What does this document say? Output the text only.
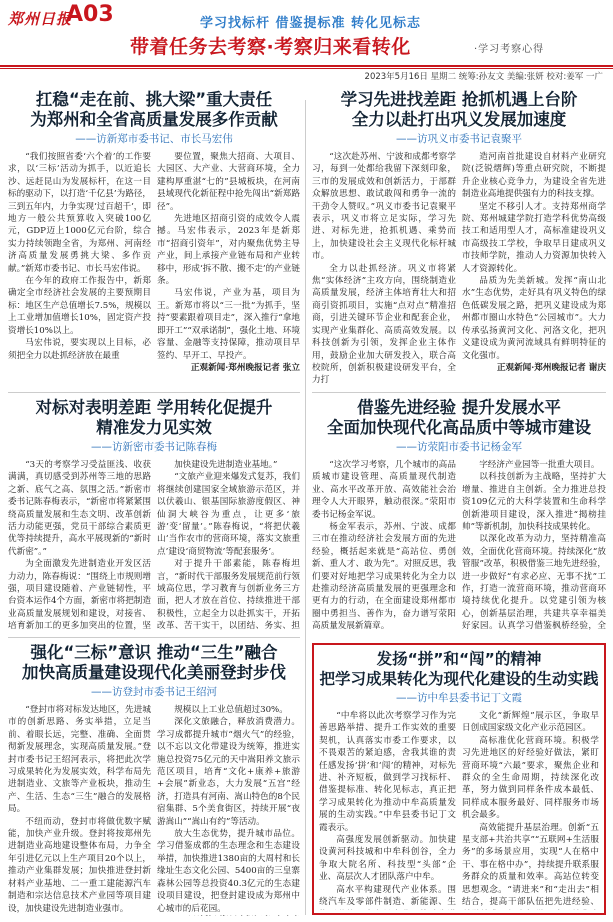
郑州日报
A03	学习找标杆 借鉴提标准 转化见标志
带着任务去考察·考察归来看转化	·学习考察心得
2023年5月16日 星期二 统筹:孙友文 美编:张妍 校对:姜军 一广
扛稳“走在前、挑大梁”重大责任
为郑州和全省高质量发展多作贡献
——访新郑市委书记、市长马宏伟

“我们按照省委‘六个着’的工作要求，以‘三标’活动为抓手，以近追长沙、远赶昆山为发展标杆，在这一目标的驱动下，以打造‘千亿县’为路径，三到五年内，力争实现‘过百超千’，即地方一般公共预算收入突破100亿元，GDP迈上1000亿元台阶，综合实力持续领跑全省，为郑州、河南经济高质量发展勇挑大梁、多作贡献。”新郑市委书记、市长马宏伟说。

在今年的政府工作报告中，新郑确定全市经济社会发展的主要预期目标：地区生产总值增长7.5%，规模以上工业增加值增长10%，固定资产投资增长10%以上。

马宏伟说，要实现以上目标，必须把全力以赴抓经济放在最重

要位置，聚焦大招商、大项目、大园区、大产业、大营商环境，全力建构厚重湛“七的”县城板块，在河南县域现代化新征程中抢先闯出“新郑路径”。

先进地区招商引资的成效令人震撼。马宏伟表示，2023年是新郑市“招商引资年”，对内聚焦优势主导产业，间上承接产业链布局和产业转移中，形成‘拆不散、搬不走’的产业链条。

马宏伟说，产业为基，项目为王。新郑市将以“三一批”为抓手，坚持“要素跟着项目走”，深入推行“拿地即开工”“双承诺制”，强化土地、环境容量、金融等支持保障，推动项目早签约、早开工、早投产。

正观新闻·郑州晚报记者 张立

学习先进找差距 抢抓机遇上台阶
全力以赴打出巩义发展加速度
——访巩义市委书记袁聚平

“这次赴苏州、宁波和成都考察学习，每到一处都给我留下深刻印象，三市的发展成效和创新活力，于部群众解放思想、敢试敢闯和勇争一流的干劲令人赞叹。”巩义市委书记袁聚平表示，巩义市将立足实际，学习先进、对标先进，抢抓机遇、乘势而上，加快建设社会主义现代化标杆城市。

全力以赴抓经济。巩义市将紧焦“实体经济”主攻方向，围绕制造业高质量发展，经济主体培育壮大和招商引资抓项目，实施“点对点”精准招商，引进关键环节企业和配套企业，实现产业集群化、高质高效发展。以科技创新为引领，发挥企业主体作用，鼓励企业加大研发投入，联合高校院所，创新积极建设研发平台，全力打

造河南首批建设自材料产业研究院(泛锐熠辉)等重点研究院，不断提升企业核心竞争力，为建设全省先进制造业高地提供强有力的科技支撑。

坚定不移引人才。支持郑州商学院、郑州城建学院打造学科优势高级技工和适用型人才，高标准建设巩义市高级技工学校，争取早日建成巩义市技师学院，推动人力资源加快转入人才资源转化。

品质为先美新城。发挥“南山北水”生态优势，走好具有巩义特色的绿色低碳发展之路，把巩义建设成为郑州都市圈山水特色“公园城市”。大力传承弘扬黄河文化、河洛文化，把巩义建设成为黄河流域具有鲜明特征的文化强市。

正观新闻·郑州晚报记者 谢庆

对标对表明差距 学用转化促提升
精准发力见实效
——访新密市委书记陈春梅

“3天的考察学习受益匪浅、收获满满，真切感受到苏州等三地的思路之新、底气之高、氛围之活。”新密市委书记陈春梅表示，“新密市将紧紧围绕高质量发展和生态文明、改革创新活力动能更强，党员干部综合素质更优等持续提升，高水平展现新的“新时代新密”。”

为全面激发先进制造业开发区活力动力，陈春梅说：“围绕上市规则增强，项目建设随着、产业链韧性，平台资本运作4个方面，新密市将把制造业高质量发展规划和建设，对接省、培育新加工的更多加突出的位置，坚

加快建设先进制造业基地。”

“文旅产业迎来爆发式复苏，我们将继续创建国家全域旅游示范区，并以伏羲山、银基国际旅游度假区、神仙洞大峡谷为重点，让更多‘旅游’变‘留量’。”陈春梅说，“将把伏羲山‘当作农市的营商环境，落实文旅重点’建设‘商贸物流’等配套服务’。

对于提升干部素能，陈春梅坦言，“新时代干部服务发展规范前行领域高位思，学习教育与创新业务三方面，把人才放在首位、持续推进干部积极性，立起全力以赴抓实干，开拓改革、苦干实干，以团结、务实、担

借鉴先进经验 提升发展水平
全面加快现代化高品质中等城市建设
——访荥阳市委书记杨金军

“这次学习考察，几个城市的高品质城市建设管理、高质量现代制造业、高水平改革开放、高效能社会治理令人大开眼界，触动很深。”荥阳市委书记杨金军说。

杨金军表示，苏州、宁波、成都三市在推动经济社会发展方面的先进经验，概括起来就是“高站位、勇创新、重人才、敢为先”。对照反思，我们要对好地把学习成果转化为全力以赴推动经济高质量发展的更强理念和更有力的行动，在全面建设郑州都市圈中勇担当、善作为，奋力谱写荥阳高质量发展新篇章。

字经济产业园等一批重大项目。

以科技创新为主战略，坚持扩大增量、推进自主创新。全力推进总投资109亿元的大科学装置和生命科学创新港项目建设，深入推进“揭榜挂帅”等新机制，加快科技成果转化。

以深化改革为动力，坚持精准高效，全面优化营商环境。持续深化“放管服”改革，积极借鉴三地先进经验，进一步做好“有求必应、无事不扰”工作，打造一流营商环境，推动营商环境持续优化提升。以党建引领为核心，创新基层治理，共建共享幸福美好家园。认真学习借鉴枫桥经验，全

强化“三标”意识 推动“三生”融合
加快高质量建设现代化美丽登封步伐
——访登封市委书记王绍河

“登封市将对标发达地区，先进城市的创新思路、务实举措，立足当前、着眼长远，完整、准确、全面贯彻新发展理念，实现高质量发展。”登封市委书记王绍河表示，将把此次学习成果转化为发展实效，科学布局先进制造业、文旅等产业板块，推动生产、生活、生态“三生”融合的发展格局。

不纽而动，登封市将做优数字赋能，加快产业升级。登封将按郑州先进制造业高地建设整体布局，力争全年引进亿元以上生产项目20个以上，推动产业集群发展；加快推进登封新材料产业基地、二一重工建能源汽车制造和宗达信息技术产业园等项目建设，加快建设先进制造业强市。

规模以上工业总值超过30%。

深化文旅融合，释放消费潜力。学习成都提升城市“烟火气”的经验，以不忘以文化带建设为统筹，推进实施总投资75亿元的天中嵩阳养文旅示范区项目，培育“文化+康养+旅游+会展”新业态，大力发展“五宫”经济，打造具有河南、嵩山特色的8个民宿集群、5个美食街区，持续开展“夜游嵩山”“嵩山有约”等活动。

放大生态优势，提升城市品位。学习借鉴成都的生态理念和生态建设举措，加快推进1380亩的大周村和长缘址生态文化公园、5400亩的三皇寨森林公园等总投资40.3亿元的生态建设项目建设，把登封建设成为郑州中心城市的后花园。

发扬“拼”和“闯”的精神
把学习成果转化为现代化建设的生动实践
——访中牟县委书记丁文霞

“中牟将以此次考察学习作为完善思路举措、提升工作实效的重要契机，认真落实市委工作要求，以不畏艰苦的紧迫感，舍我其谁的责任感发扬‘拼’和‘闯’的精神，对标先进、补齐短板，做到学习找标杆、借鉴提标准、转化见标志，真正把学习成果转化为推动中牟高质量发展的生动实践。”中牟县委书记丁文霞表示。

高强度发展创新驱动。加快建设黄河科技城和中牟科创谷，全力争取大院名所、科技型“头部”企业、高层次人才团队落户中牟。

高水平构建现代产业体系。围绕汽车及零部件制造、新能源、生

文化“新辉煌”展示区，争取早日创成国家级文化产业示范园区。

高标准优化营商环境。积极学习先进地区的好经验好做法，紧盯营商环境“六最”要求，聚焦企业和群众的全生命周期，持续深化改革，努力做到同样条件成本最低、同样成本服务最好、同样服务市场机会最多。

高效能提升基层治理。创新“五星支部+共治共享”“五联网+生活服务”的多场景应用，实现“人在格中干、事在格中办”，持续提升联系服务群众的质量和效率。高站位转变思想观念。“请进来”和“走出去”相结合，提高干部队伍把先进经验、
